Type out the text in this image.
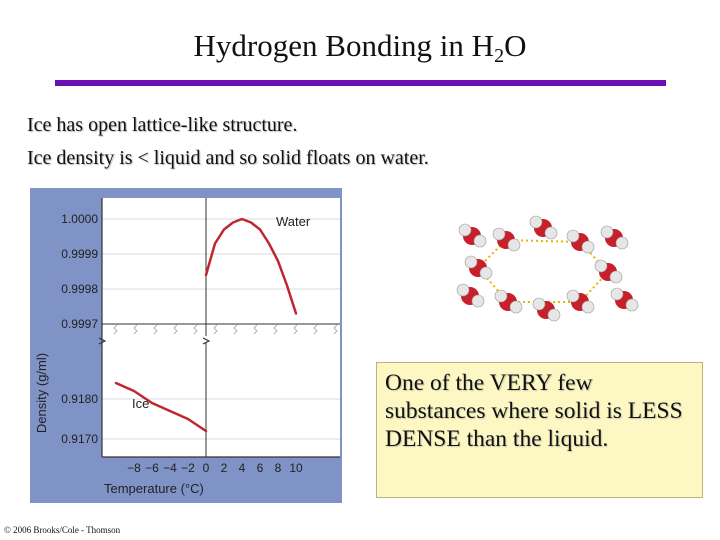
Hydrogen Bonding in $H_2O$
Ice has open lattice-like structure.
Ice density is < liquid and so solid floats on water.
1.0000
0.9999
0.9998
0.9997
0.9180
0.9170
−8 −6 −4 −2 0 2 4 6 8 10
Water
Ice
Temperature (°C)
Density (g/ml)	One of the VERY few substances where solid is LESS DENSE than the liquid.
© 2006 Brooks/Cole - Thomson
